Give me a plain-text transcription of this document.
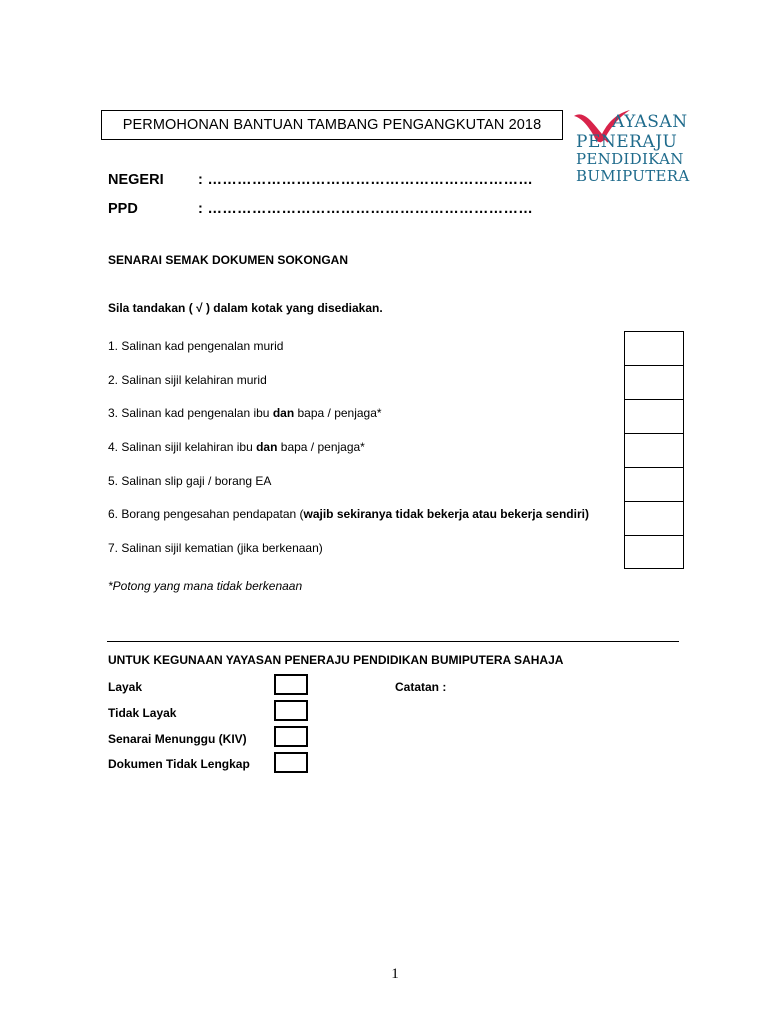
PERMOHONAN BANTUAN TAMBANG PENGANGKUTAN 2018	AYASAN
PENERAJU
PENDIDIKAN
BUMIPUTERA
NEGERI : …………………………………………………………
PPD	: …………………………………………………………
SENARAI SEMAK DOKUMEN SOKONGAN
Sila tandakan ( √ ) dalam kotak yang disediakan.
1. Salinan kad pengenalan murid
2. Salinan sijil kelahiran murid
3. Salinan kad pengenalan ibu dan bapa / penjaga*
4. Salinan sijil kelahiran ibu dan bapa / penjaga*
5. Salinan slip gaji / borang EA
6. Borang pengesahan pendapatan (wajib sekiranya tidak bekerja atau bekerja sendiri)
7. Salinan sijil kematian (jika berkenaan)
*Potong yang mana tidak berkenaan
UNTUK KEGUNAAN YAYASAN PENERAJU PENDIDIKAN BUMIPUTERA SAHAJA
Layak
Tidak Layak
Senarai Menunggu (KIV)
Dokumen Tidak Lengkap
Catatan :
1
